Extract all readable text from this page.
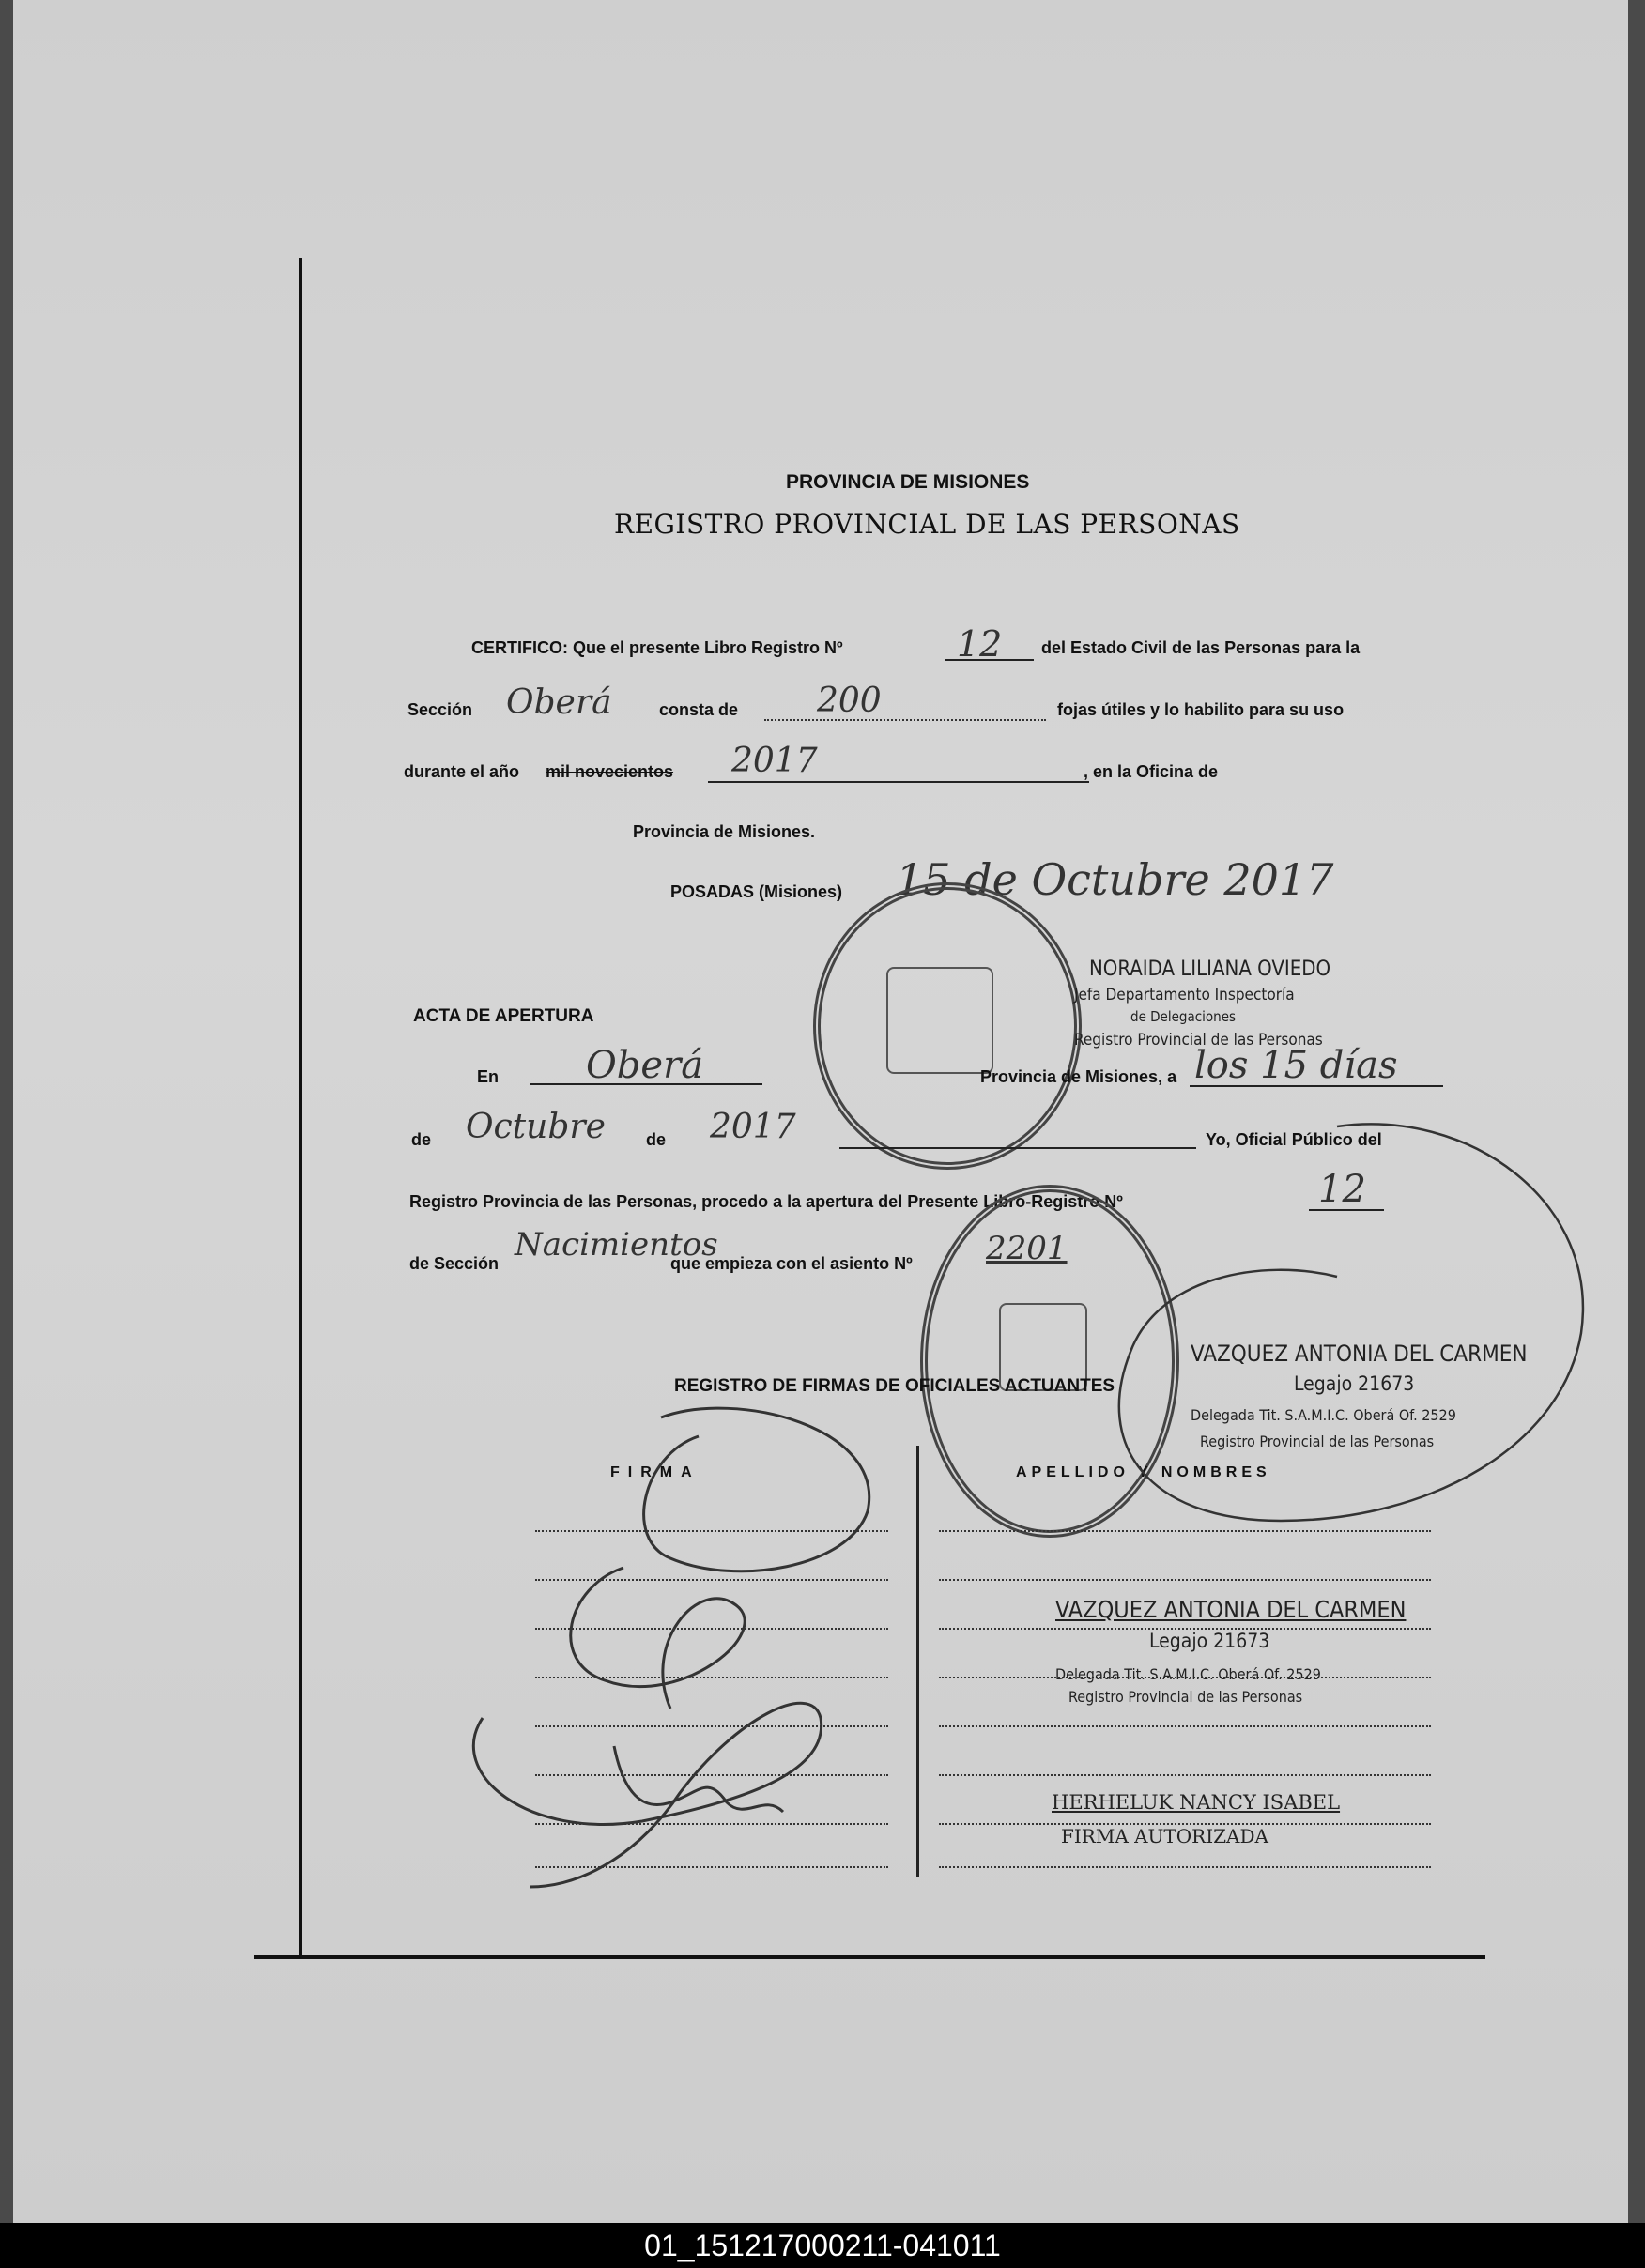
PROVINCIA DE MISIONES
REGISTRO PROVINCIAL DE LAS PERSONAS
CERTIFICO: Que el presente Libro Registro Nº	12 del Estado Civil de las Personas para la
Sección Oberá	consta de 200	fojas útiles y lo habilito para su uso
durante el año mil novecientos 2017	, en la Oficina de
Provincia de Misiones.
POSADAS (Misiones) 15 de Octubre 2017
NORAIDA LILIANA OVIEDO
Jefa Departamento Inspectoría
de Delegaciones
Registro Provincial de las Personas
ACTA DE APERTURA
En Oberá	Provincia de Misiones, a los 15 días
de Octubre de 2017	Yo, Oficial Público del
Registro Provincia de las Personas, procedo a la apertura del Presente Libro-Registro Nº	12
de Sección Nacimientos
que empieza con el asiento Nº 2201
REGISTRO DE FIRMAS DE OFICIALES ACTUANTES
VAZQUEZ ANTONIA DEL CARMEN
Legajo 21673
Delegada Tit. S.A.M.I.C. Oberá Of. 2529
Registro Provincial de las Personas
FIRMA	APELLIDO Y NOMBRES
VAZQUEZ ANTONIA DEL CARMEN
Legajo 21673
Delegada Tit. S.A.M.I.C. Oberá Of. 2529
Registro Provincial de las Personas
HERHELUK NANCY ISABEL
FIRMA AUTORIZADA
01_151217000211-041011
